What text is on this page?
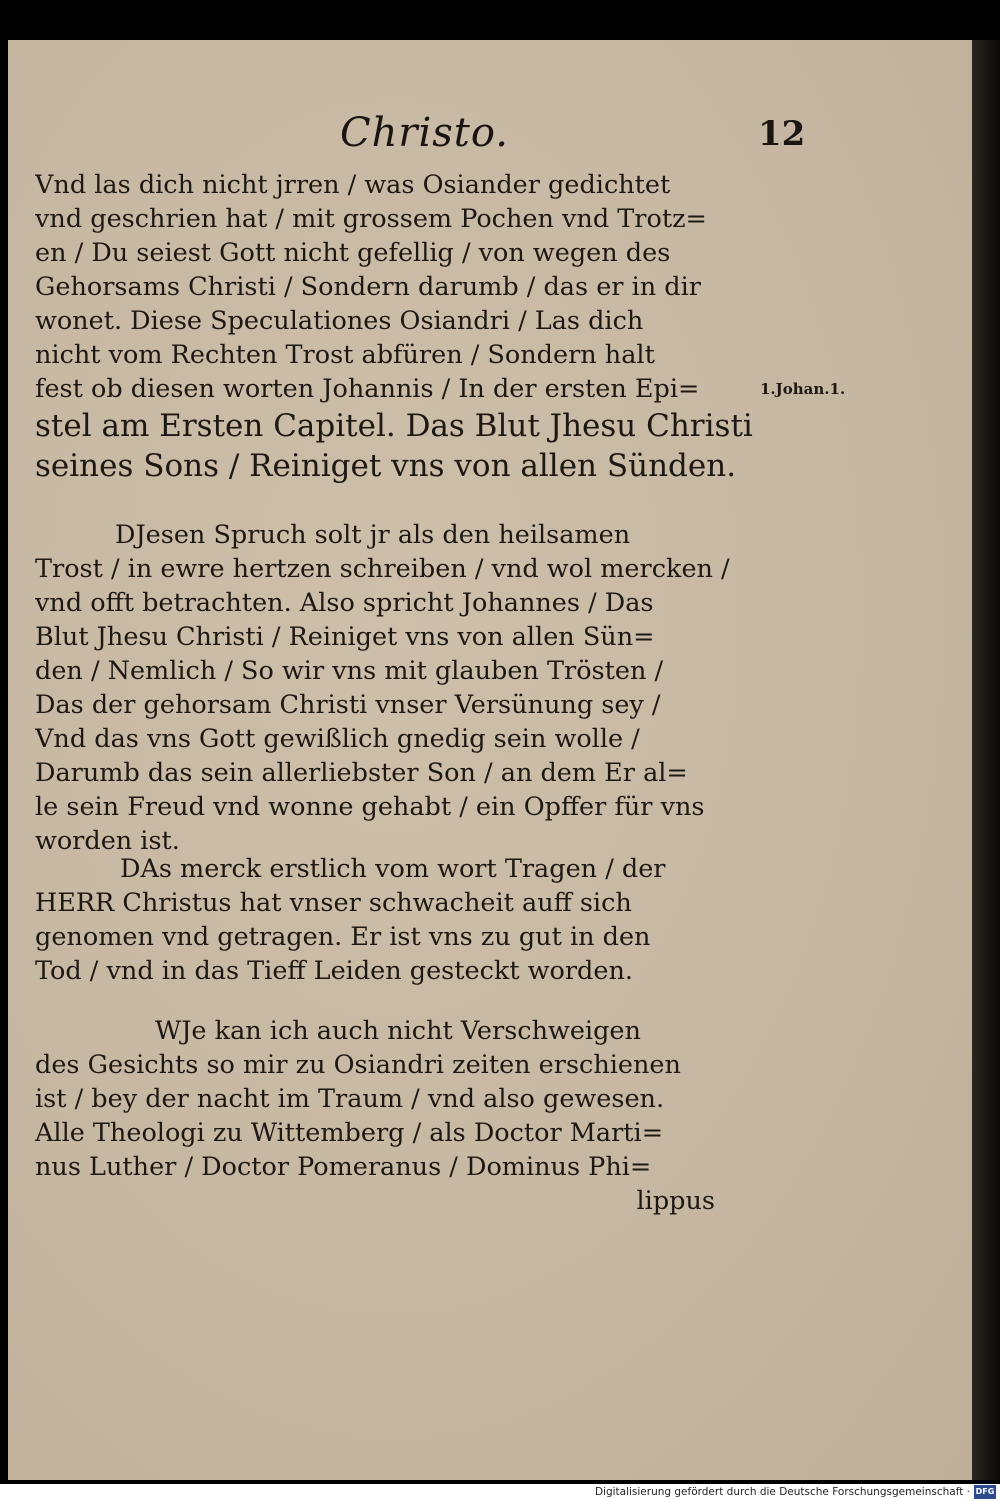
Christo.	12
1.Johan.1.
Vnd las dich nicht jrren / was Osiander gedichtet
vnd geschrien hat / mit grossem Pochen vnd Trotz=
en / Du seiest Gott nicht gefellig / von wegen des
Gehorsams Christi / Sondern darumb / das er in dir
wonet. Diese Speculationes Osiandri / Las dich
nicht vom Rechten Trost abfüren / Sondern halt
fest ob diesen worten Johannis / In der ersten Epi=
stel am Ersten Capitel. Das Blut Jhesu Christi
seines Sons / Reiniget vns von allen Sünden.
DJesen Spruch solt jr als den heilsamen
Trost / in ewre hertzen schreiben / vnd wol mercken /
vnd offt betrachten. Also spricht Johannes / Das
Blut Jhesu Christi / Reiniget vns von allen Sün=
den / Nemlich / So wir vns mit glauben Trösten /
Das der gehorsam Christi vnser Versünung sey /
Vnd das vns Gott gewißlich gnedig sein wolle /
Darumb das sein allerliebster Son / an dem Er al=
le sein Freud vnd wonne gehabt / ein Opffer für vns
worden ist.
DAs merck erstlich vom wort Tragen / der
HERR Christus hat vnser schwacheit auff sich
genomen vnd getragen. Er ist vns zu gut in den
Tod / vnd in das Tieff Leiden gesteckt worden.
WJe kan ich auch nicht Verschweigen
des Gesichts so mir zu Osiandri zeiten erschienen
ist / bey der nacht im Traum / vnd also gewesen.
Alle Theologi zu Wittemberg / als Doctor Marti=
nus Luther / Doctor Pomeranus / Dominus Phi=
lippus
Digitalisierung gefördert durch die Deutsche Forschungsgemeinschaft · DFG
